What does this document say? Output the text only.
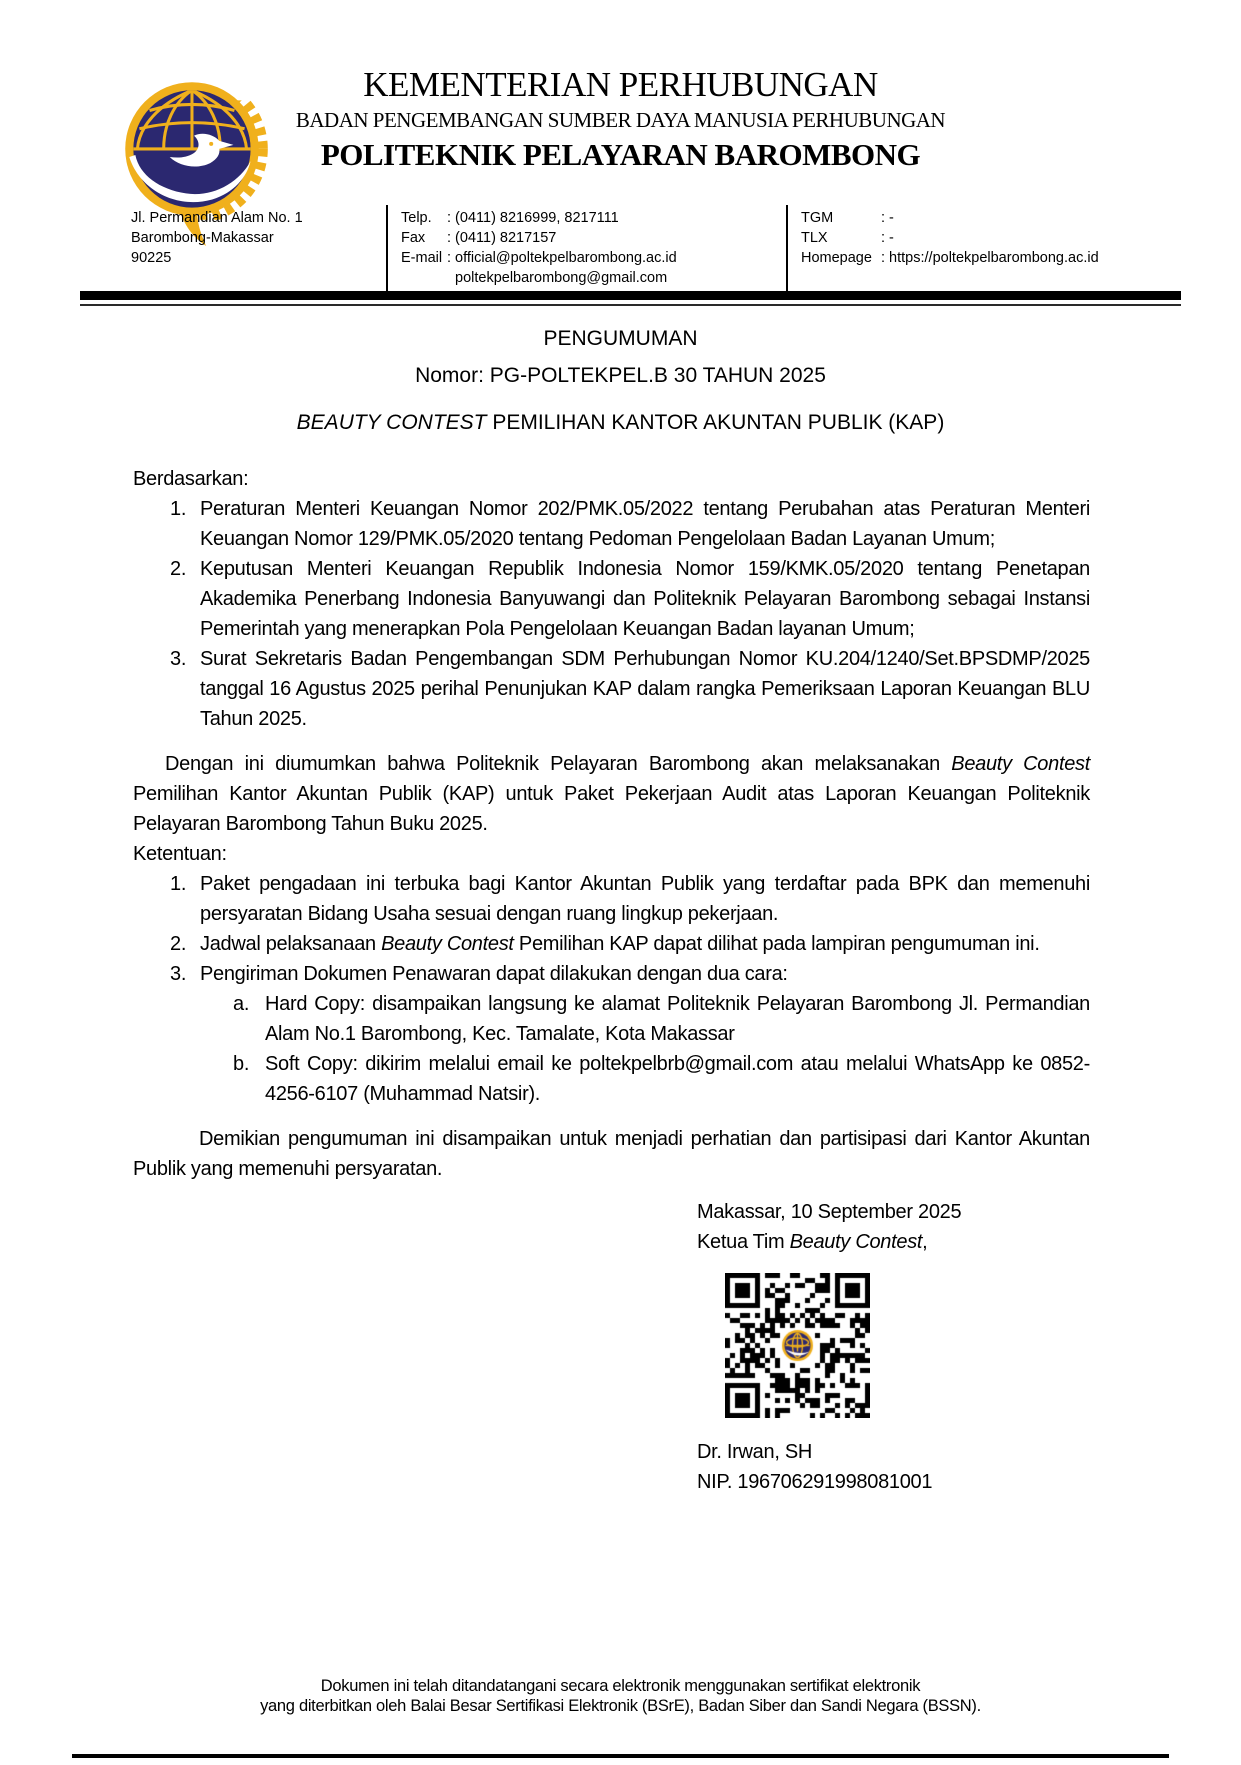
KEMENTERIAN PERHUBUNGAN
BADAN PENGEMBANGAN SUMBER DAYA MANUSIA PERHUBUNGAN
POLITEKNIK PELAYARAN BAROMBONG
Jl. Permandian Alam No. 1
Barombong-Makassar
90225
Telp. : (0411) 8216999, 8217111
Fax : (0411) 8217157
E-mail : official@poltekpelbarombong.ac.id
poltekpelbarombong@gmail.com
TGM	: -
TLX	: -
Homepage : https://poltekpelbarombong.ac.id
PENGUMUMAN
Nomor: PG-POLTEKPEL.B 30 TAHUN 2025
BEAUTY CONTEST PEMILIHAN KANTOR AKUNTAN PUBLIK (KAP)

Berdasarkan:

1. Peraturan Menteri Keuangan Nomor 202/PMK.05/2022 tentang Perubahan atas Peraturan Menteri Keuangan Nomor 129/PMK.05/2020 tentang Pedoman Pengelolaan Badan Layanan Umum;
2. Keputusan Menteri Keuangan Republik Indonesia Nomor 159/KMK.05/2020 tentang Penetapan Akademika Penerbang Indonesia Banyuwangi dan Politeknik Pelayaran Barombong sebagai Instansi Pemerintah yang menerapkan Pola Pengelolaan Keuangan Badan layanan Umum;
3. Surat Sekretaris Badan Pengembangan SDM Perhubungan Nomor KU.204/1240/Set.BPSDMP/2025 tanggal 16 Agustus 2025 perihal Penunjukan KAP dalam rangka Pemeriksaan Laporan Keuangan BLU Tahun 2025.

Dengan ini diumumkan bahwa Politeknik Pelayaran Barombong akan melaksanakan Beauty Contest Pemilihan Kantor Akuntan Publik (KAP) untuk Paket Pekerjaan Audit atas Laporan Keuangan Politeknik Pelayaran Barombong Tahun Buku 2025.

Ketentuan:

1. Paket pengadaan ini terbuka bagi Kantor Akuntan Publik yang terdaftar pada BPK dan memenuhi persyaratan Bidang Usaha sesuai dengan ruang lingkup pekerjaan.
2. Jadwal pelaksanaan Beauty Contest Pemilihan KAP dapat dilihat pada lampiran pengumuman ini.
3. Pengiriman Dokumen Penawaran dapat dilakukan dengan dua cara:
a. Hard Copy: disampaikan langsung ke alamat Politeknik Pelayaran Barombong Jl. Permandian Alam No.1 Barombong, Kec. Tamalate, Kota Makassar
b. Soft Copy: dikirim melalui email ke poltekpelbrb@gmail.com atau melalui WhatsApp ke 0852-4256-6107 (Muhammad Natsir).

Demikian pengumuman ini disampaikan untuk menjadi perhatian dan partisipasi dari Kantor Akuntan Publik yang memenuhi persyaratan.

Makassar, 10 September 2025
Ketua Tim Beauty Contest,
Dr. Irwan, SH
NIP. 196706291998081001
Dokumen ini telah ditandatangani secara elektronik menggunakan sertifikat elektronik
yang diterbitkan oleh Balai Besar Sertifikasi Elektronik (BSrE), Badan Siber dan Sandi Negara (BSSN).
